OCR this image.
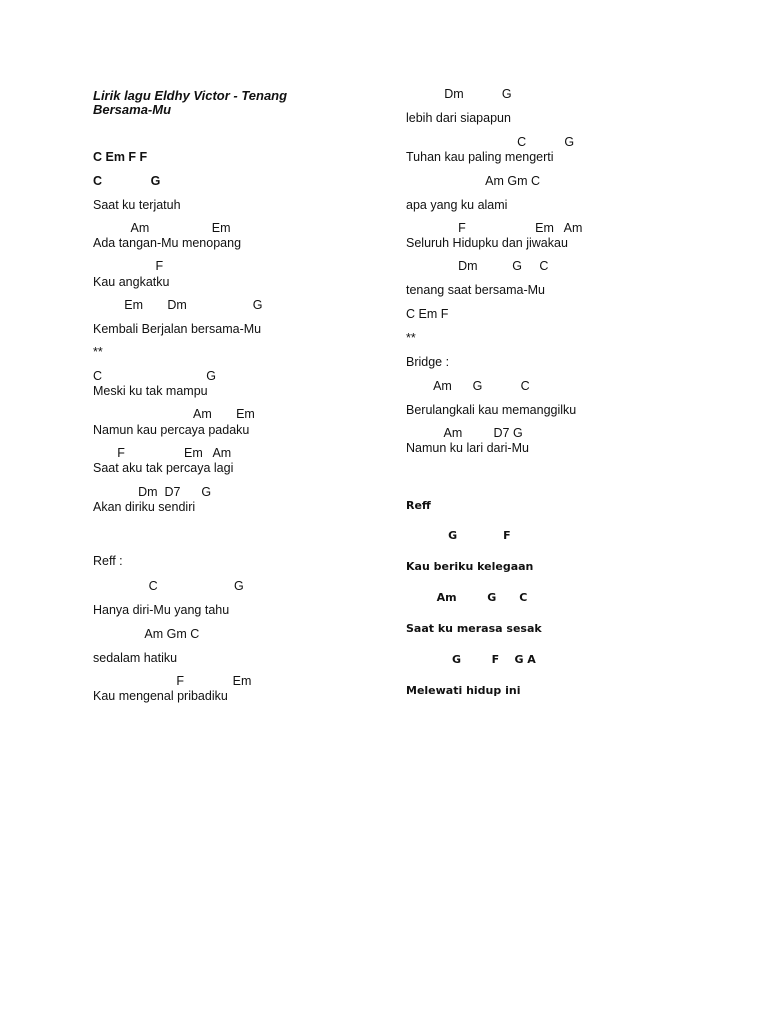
Lirik lagu Eldhy Victor - Tenang
Bersama-Mu
C Em F F
C              G
Saat ku terjatuh
Am                  Em
Ada tangan-Mu menopang
F
Kau angkatku
Em       Dm                   G
Kembali Berjalan bersama-Mu
**
C                              G
Meski ku tak mampu
Am       Em
Namun kau percaya padaku
F                 Em   Am
Saat aku tak percaya lagi
Dm  D7      G
Akan diriku sendiri
Reff :
C                      G
Hanya diri-Mu yang tahu
Am Gm C
sedalam hatiku
F              Em
Kau mengenal pribadiku
Dm           G
lebih dari siapapun
C           G
Tuhan kau paling mengerti
Am Gm C
apa yang ku alami
F                    Em   Am
Seluruh Hidupku dan jiwakau
Dm          G     C
tenang saat bersama-Mu
C Em F
**
Bridge :
Am      G           C
Berulangkali kau memanggilku
Am         D7 G
Namun ku lari dari-Mu
Reff
G            F
Kau beriku kelegaan
Am        G      C
Saat ku merasa sesak
G        F    G A
Melewati hidup ini
